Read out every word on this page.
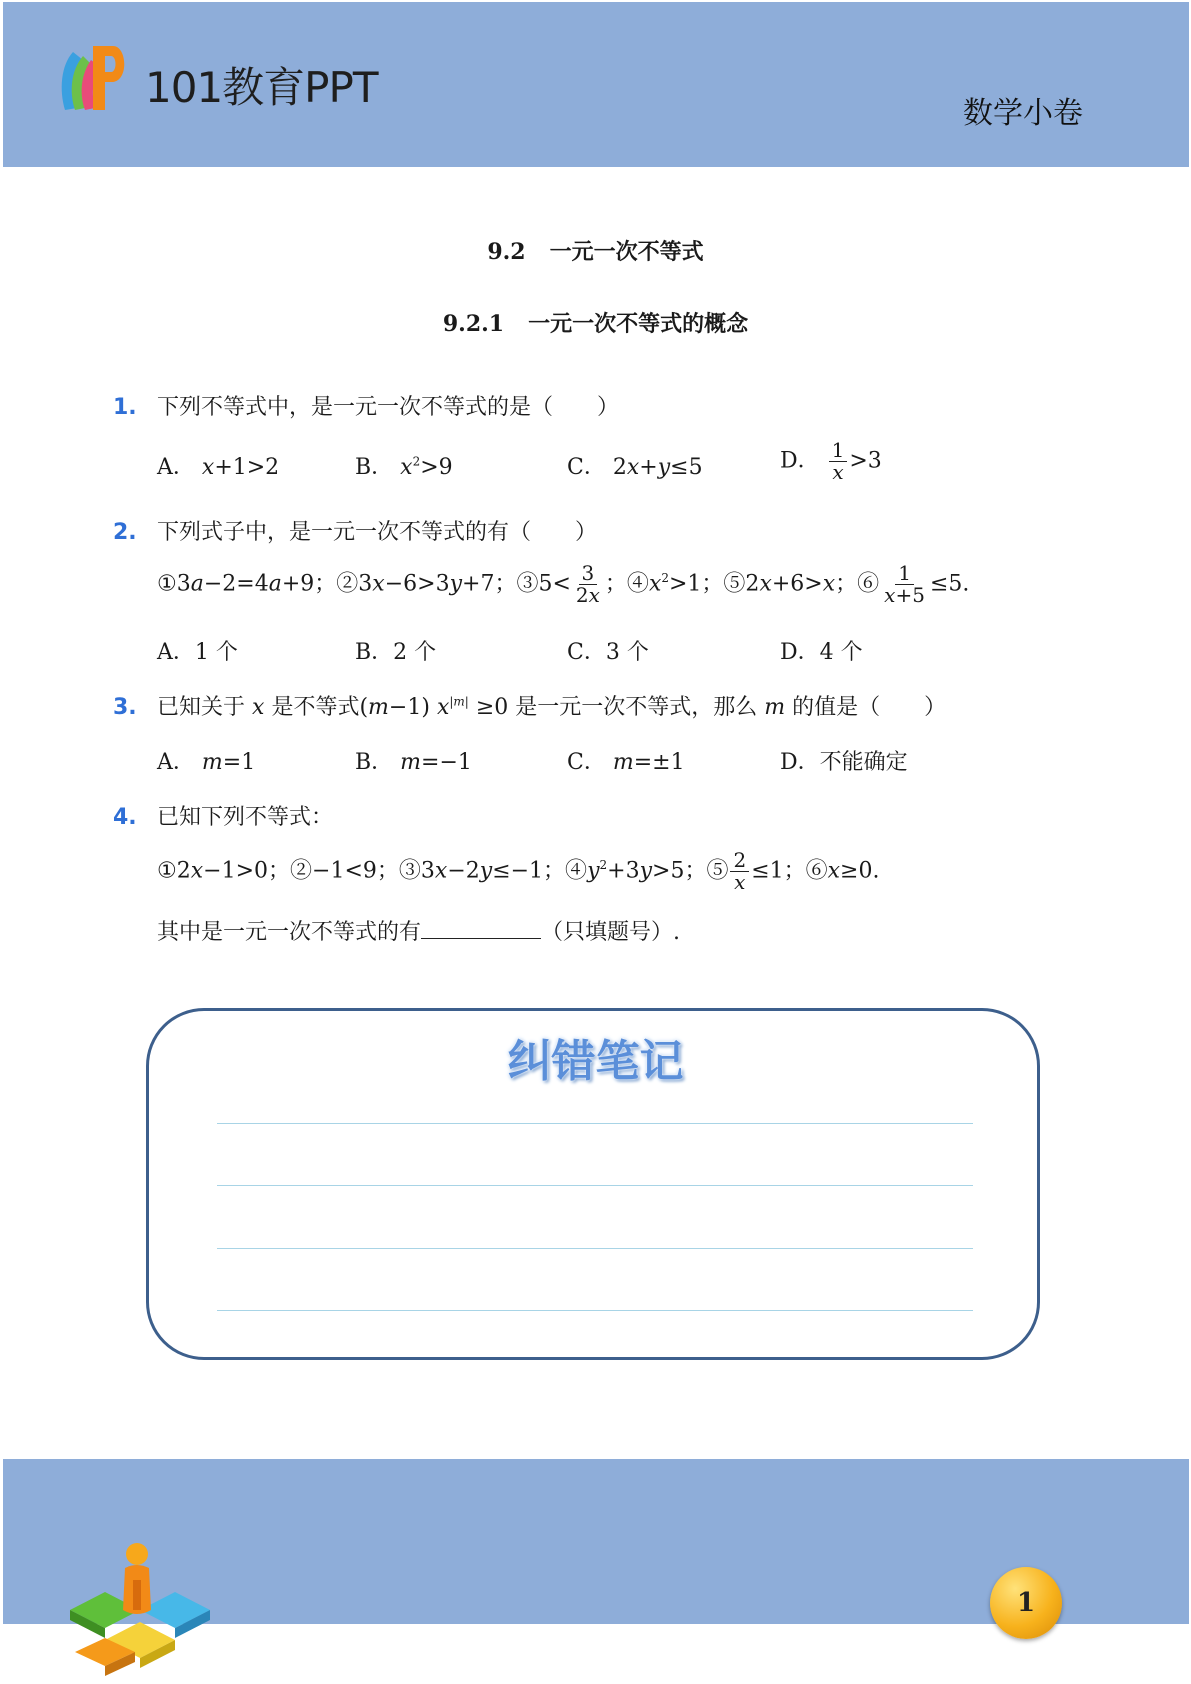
101教育PPT
数学小卷
9.2 一元一次不等式
9.2.1 一元一次不等式的概念
1. 下列不等式中，是一元一次不等式的是（　　）
A． x+1>2	B． $x^2>9$	C． 2x+y≤5	D． $\frac{1}{x} >3$
2. 下列式子中，是一元一次不等式的有（　　）
①3a−2=4a+9；②3x−6>3y+7；③5< $\frac{3}{2x}$ ；$④x^2>1$；⑤2x+6>x；⑥ $\frac{1}{x+5} \le 5$.
A．1 个	B．2 个	C．3 个	D．4 个
3. 已知关于 x 是不等式(m−1) $x^{|m|} \ge 0$ 是一元一次不等式，那么 m 的值是（　　）
A． m=1	B． m=−1	C． m=±1	D．不能确定
4. 已知下列不等式：
①2x−1>0；②−1<9；③3x−2y≤−1；$④y^2+3y>5$；⑤ $\frac{2}{x} \le 1$；⑥x≥0.
其中是一元一次不等式的有	（只填题号）.
纠错笔记
1
